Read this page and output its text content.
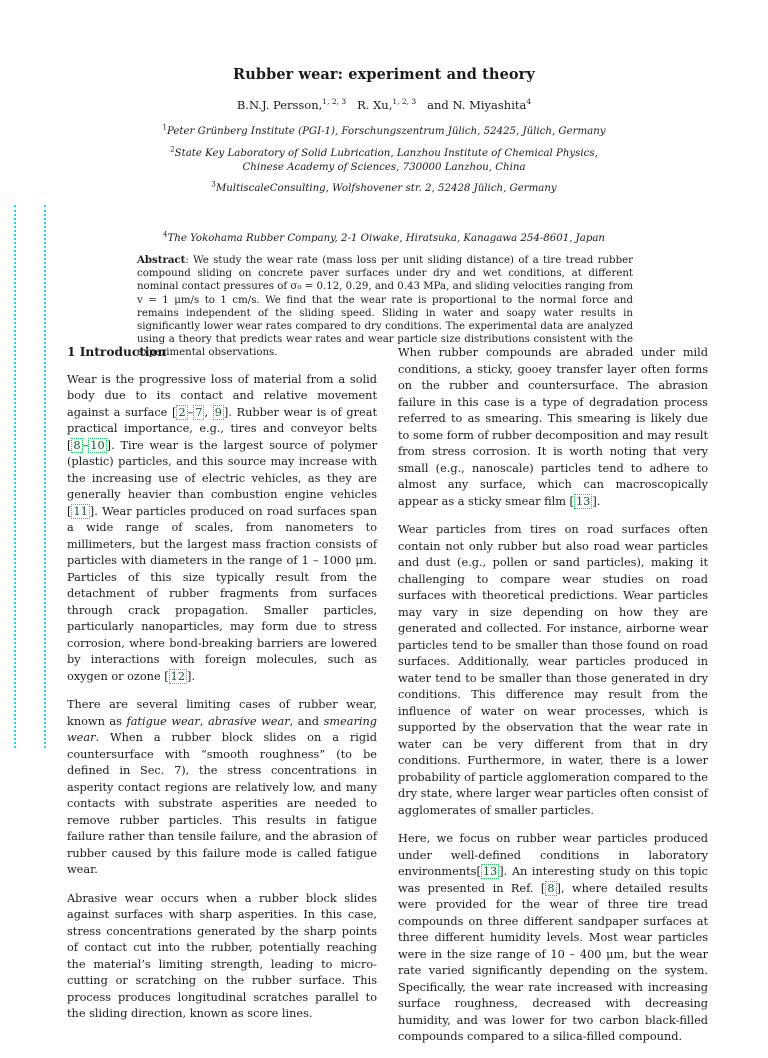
Rubber wear: experiment and theory
B.N.J. Persson,$^{1, 2, 3}$ R. Xu,$^{1, 2, 3}$ and N. Miyashita$^4$
$^1$Peter Grünberg Institute (PGI-1), Forschungszentrum Jülich, 52425, Jülich, Germany
$^2$State Key Laboratory of Solid Lubrication, Lanzhou Institute of Chemical Physics,
Chinese Academy of Sciences, 730000 Lanzhou, China
$^3$MultiscaleConsulting, Wolfshovener str. 2, 52428 Jülich, Germany
$^4$The Yokohama Rubber Company, 2-1 Oiwake, Hiratsuka, Kanagawa 254-8601, Japan
Abstract: We study the wear rate (mass loss per unit sliding distance) of a tire tread rubber compound sliding on concrete paver surfaces under dry and wet conditions, at different nominal contact pressures of σ₀ = 0.12, 0.29, and 0.43 MPa, and sliding velocities ranging from v = 1 μm/s to 1 cm/s. We find that the wear rate is proportional to the normal force and remains independent of the sliding speed. Sliding in water and soapy water results in significantly lower wear rates compared to dry conditions. The experimental data are analyzed using a theory that predicts wear rates and wear particle size distributions consistent with the experimental observations.
1 Introduction

Wear is the progressive loss of material from a solid body due to its contact and relative movement against a surface [ 2 – 7 , 9 ]. Rubber wear is of great practical importance, e.g., tires and conveyor belts [ 8 – 10 ]. Tire wear is the largest source of polymer (plastic) particles, and this source may increase with the increasing use of electric vehicles, as they are generally heavier than combustion engine vehicles [ 11 ]. Wear particles produced on road surfaces span a wide range of scales, from nanometers to millimeters, but the largest mass fraction consists of particles with diameters in the range of 1 – 1000 μm. Particles of this size typically result from the detachment of rubber fragments from surfaces through crack propagation. Smaller particles, particularly nanoparticles, may form due to stress corrosion, where bond-breaking barriers are lowered by interactions with foreign molecules, such as oxygen or ozone [ 12 ].

There are several limiting cases of rubber wear, known as fatigue wear, abrasive wear, and smearing wear. When a rubber block slides on a rigid countersurface with “smooth roughness” (to be defined in Sec. 7), the stress concentrations in asperity contact regions are relatively low, and many contacts with substrate asperities are needed to remove rubber particles. This results in fatigue failure rather than tensile failure, and the abrasion of rubber caused by this failure mode is called fatigue wear.

Abrasive wear occurs when a rubber block slides against surfaces with sharp asperities. In this case, stress concentrations generated by the sharp points of contact cut into the rubber, potentially reaching the material’s limiting strength, leading to micro-cutting or scratching on the rubber surface. This process produces longitudinal scratches parallel to the sliding direction, known as score lines.

When rubber compounds are abraded under mild conditions, a sticky, gooey transfer layer often forms on the rubber and countersurface. The abrasion failure in this case is a type of degradation process referred to as smearing. This smearing is likely due to some form of rubber decomposition and may result from stress corrosion. It is worth noting that very small (e.g., nanoscale) particles tend to adhere to almost any surface, which can macroscopically appear as a sticky smear film [ 13 ].

Wear particles from tires on road surfaces often contain not only rubber but also road wear particles and dust (e.g., pollen or sand particles), making it challenging to compare wear studies on road surfaces with theoretical predictions. Wear particles may vary in size depending on how they are generated and collected. For instance, airborne wear particles tend to be smaller than those found on road surfaces. Additionally, wear particles produced in water tend to be smaller than those generated in dry conditions. This difference may result from the influence of water on wear processes, which is supported by the observation that the wear rate in water can be very different from that in dry conditions. Furthermore, in water, there is a lower probability of particle agglomeration compared to the dry state, where larger wear particles often consist of agglomerates of smaller particles.

Here, we focus on rubber wear particles produced under well-defined conditions in laboratory environments[ 13 ]. An interesting study on this topic was presented in Ref. [ 8 ], where detailed results were provided for the wear of three tire tread compounds on three different sandpaper surfaces at three different humidity levels. Most wear particles were in the size range of 10 – 400 μm, but the wear rate varied significantly depending on the system. Specifically, the wear rate increased with increasing surface roughness, decreased with decreasing humidity, and was lower for two carbon black-filled compounds compared to a silica-filled compound.
